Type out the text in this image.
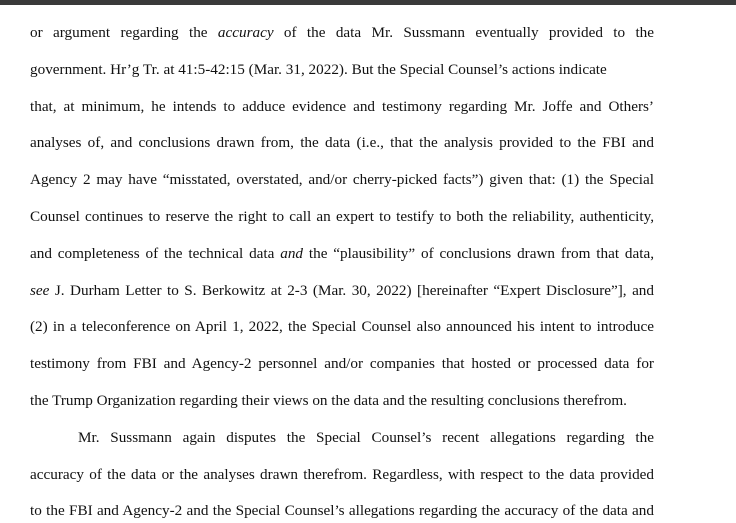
or argument regarding the accuracy of the data Mr. Sussmann eventually provided to the
government. Hr’g Tr. at 41:5-42:15 (Mar. 31, 2022). But the Special Counsel’s actions indicate
that, at minimum, he intends to adduce evidence and testimony regarding Mr. Joffe and Others’
analyses of, and conclusions drawn from, the data (i.e., that the analysis provided to the FBI and
Agency 2 may have “misstated, overstated, and/or cherry-picked facts”) given that: (1) the Special
Counsel continues to reserve the right to call an expert to testify to both the reliability, authenticity,
and completeness of the technical data and the “plausibility” of conclusions drawn from that data,
see J. Durham Letter to S. Berkowitz at 2-3 (Mar. 30, 2022) [hereinafter “Expert Disclosure”], and
(2) in a teleconference on April 1, 2022, the Special Counsel also announced his intent to introduce
testimony from FBI and Agency-2 personnel and/or companies that hosted or processed data for
the Trump Organization regarding their views on the data and the resulting conclusions therefrom.
Mr. Sussmann again disputes the Special Counsel’s recent allegations regarding the
accuracy of the data or the analyses drawn therefrom. Regardless, with respect to the data provided
to the FBI and Agency-2 and the Special Counsel’s allegations regarding the accuracy of the data and
